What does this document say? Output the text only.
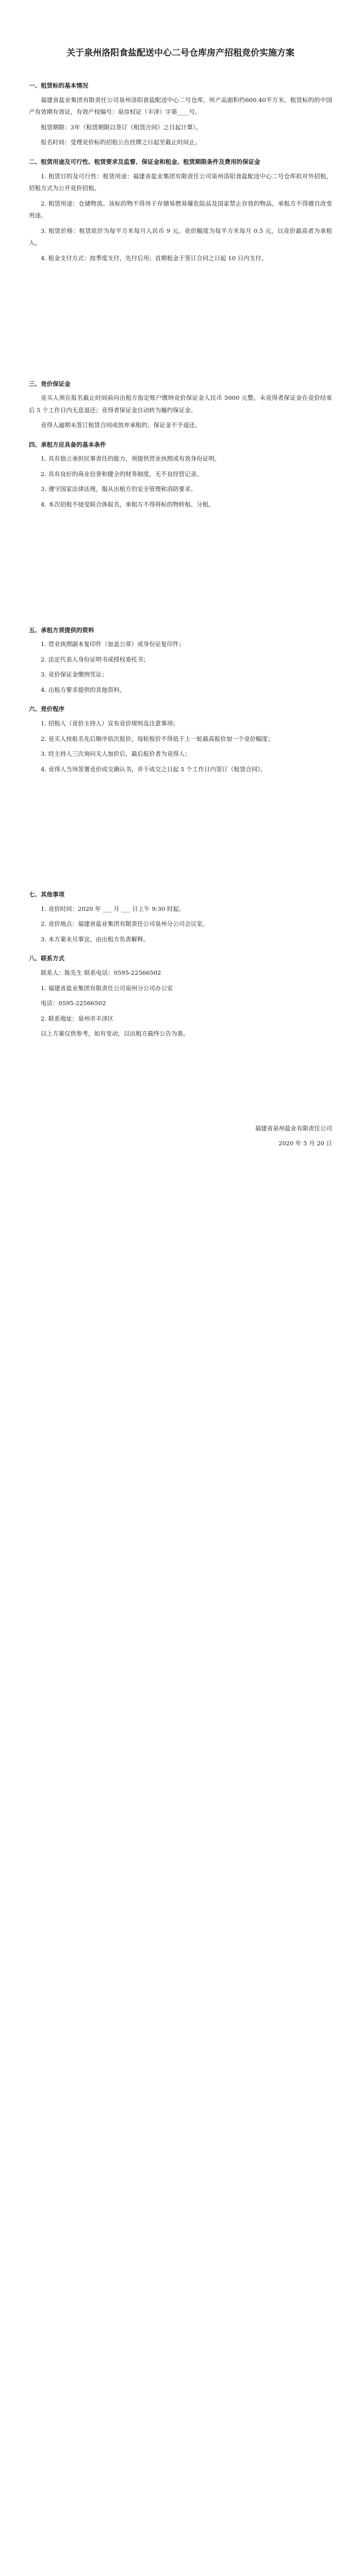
关于泉州洛阳食盐配送中心二号仓库房产招租竞价实施方案
一、租赁标的基本情况

福建省盐业集团有限责任公司泉州洛阳食盐配送中心二号仓库，所产品面积约600.40平方米。租赁标的的中国产有效期有效证，有效产权编号：泉房权证（丰泽）字第____号。

租赁期限：3年（租赁期限以签订《租赁合同》之日起计算）。

报名时间：受理竞价标的招租公告挂牌之日起至截止时间止。

二、租赁用途及可行性、租赁要求及监督、保证金和租金、租赁期限条件及费用的保证金

1. 租赁目的及可行性：租赁用途：福建省盐业集团有限责任公司泉州洛阳食盐配送中心二号仓库拟对外招租，招租方式为公开竞价招租。

2. 租赁用途：仓储物流。该标的物不得用于存储易燃易爆危险品及国家禁止存放的物品，承租方不得擅自改变用途。

3. 租赁价格：租赁底价为每平方米每月人民币 9 元。竞价幅度为每平方米每月 0.5 元，以竞价最高者为承租人。

4. 租金支付方式：按季度支付，先付后用；首期租金于签订合同之日起 10 日内支付。

三、竞价保证金

竞买人须在报名截止时间前向出租方指定账户缴纳竞价保证金人民币 5000 元整。未竞得者保证金在竞价结束后 5 个工作日内无息退还；竞得者保证金自动转为履约保证金。

竞得人逾期未签订租赁合同或放弃承租的，保证金不予退还。

四、承租方应具备的基本条件

1. 具有独立承担民事责任的能力，须提供营业执照或有效身份证明。

2. 具有良好的商业信誉和健全的财务制度，无不良经营记录。

3. 遵守国家法律法规，服从出租方的安全管理和消防要求。

4. 本次招租不接受联合体报名，承租方不得将标的物转租、分租。

五、承租方须提供的资料

1. 营业执照副本复印件（加盖公章）或身份证复印件；

2. 法定代表人身份证明书或授权委托书；

3. 竞价保证金缴纳凭证；

4. 出租方要求提供的其他资料。

六、竞价程序

1. 招租人（竞价主持人）宣布竞价规则及注意事项；

2. 竞买人按报名先后顺序依次报价，每轮报价不得低于上一轮最高报价加一个竞价幅度；

3. 经主持人三次询问无人加价后，最后报价者为竞得人；

4. 竞得人当场签署竞价成交确认书，并于成交之日起 5 个工作日内签订《租赁合同》。

七、其他事项

1. 竞价时间：2020 年 ___ 月 ___ 日上午 9:30 时起。

2. 竞价地点：福建省盐业集团有限责任公司泉州分公司会议室。

3. 本方案未尽事宜，由出租方负责解释。

八、联系方式

联系人：陈先生 联系电话：0595-22566502

1. 福建省盐业集团有限责任公司泉州分公司办公室

电话：0595-22566502

2. 联系地址：泉州市丰泽区

以上方案仅供参考，如有变动，以出租方最终公告为准。

福建省泉州盐业有限责任公司

2020 年 5 月 20 日
